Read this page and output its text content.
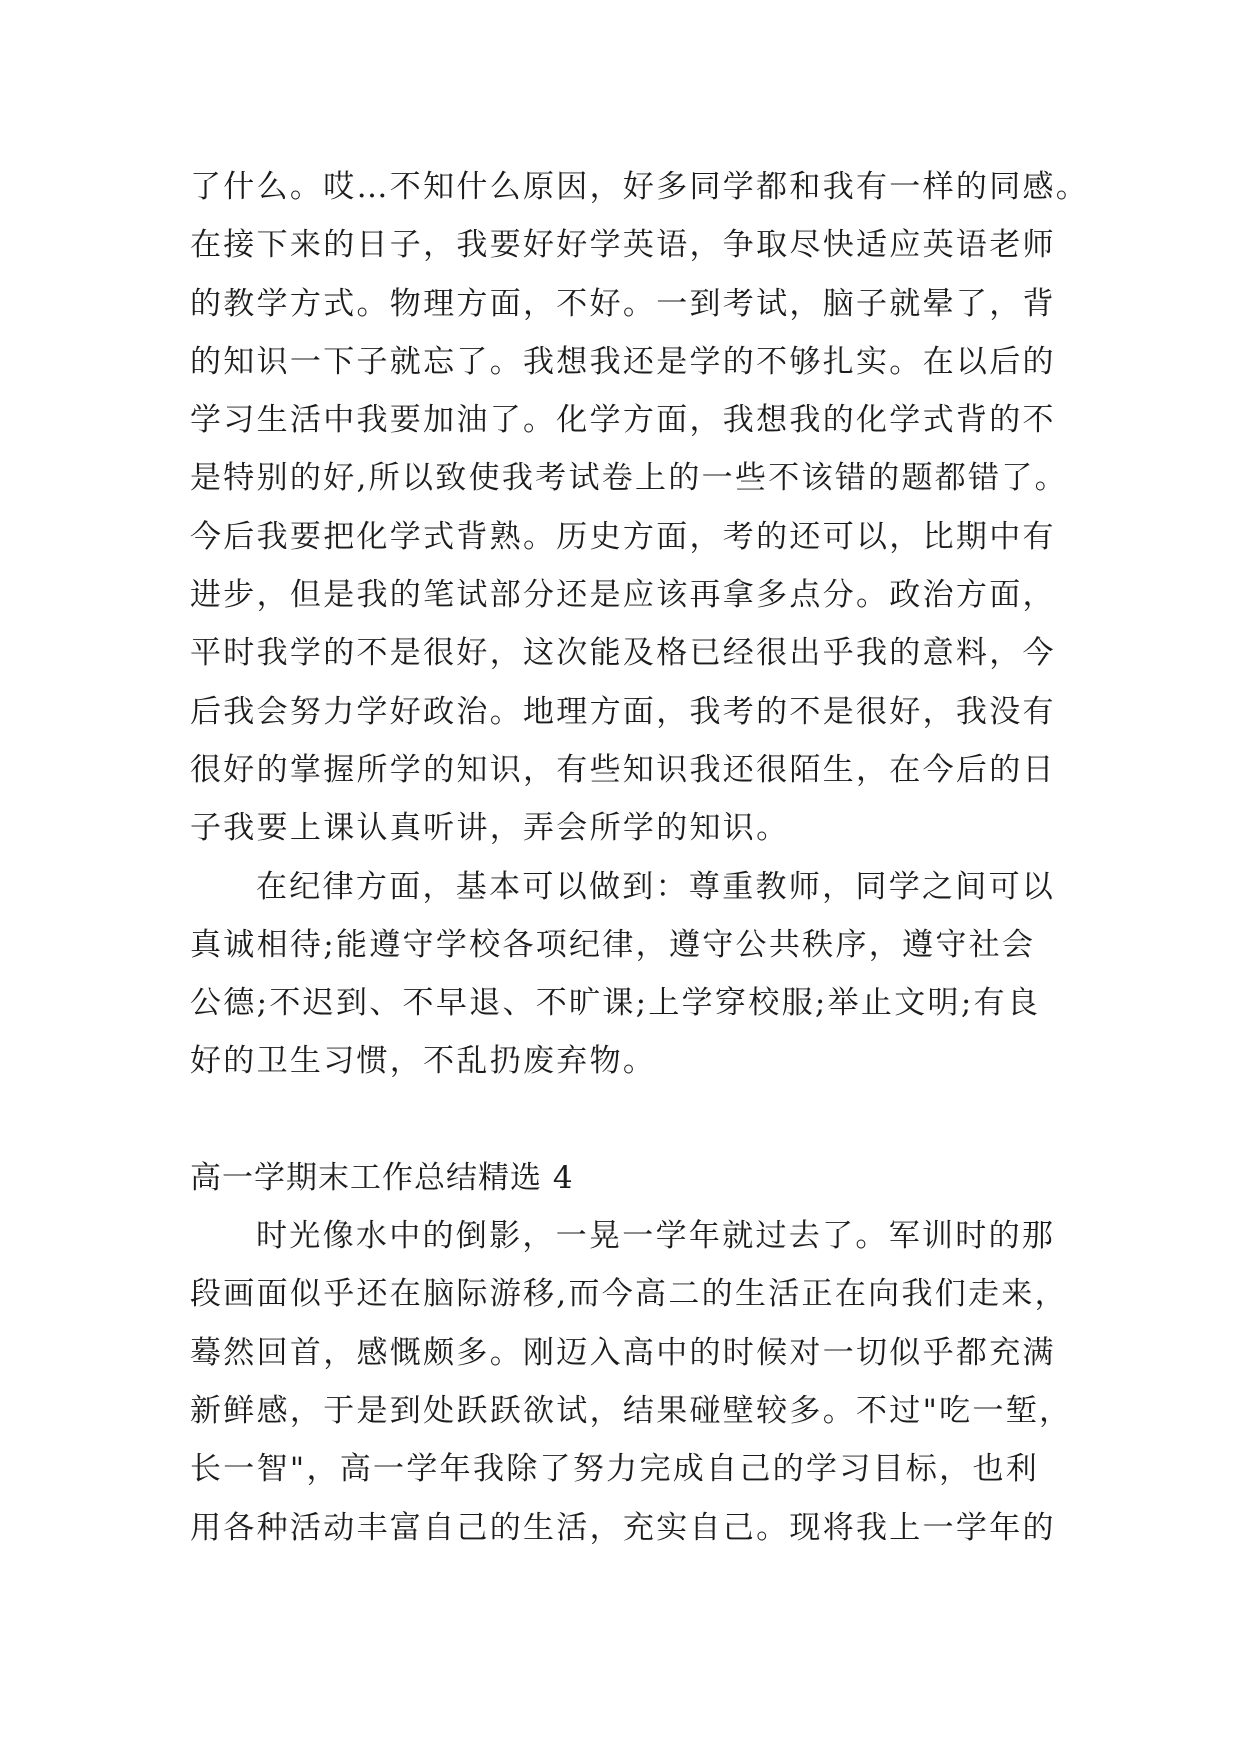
了什么。哎…不知什么原因，好多同学都和我有一样的同感。
在接下来的日子，我要好好学英语，争取尽快适应英语老师
的教学方式。物理方面，不好。一到考试，脑子就晕了，背
的知识一下子就忘了。我想我还是学的不够扎实。在以后的
学习生活中我要加油了。化学方面，我想我的化学式背的不
是特别的好,所以致使我考试卷上的一些不该错的题都错了。
今后我要把化学式背熟。历史方面，考的还可以，比期中有
进步，但是我的笔试部分还是应该再拿多点分。政治方面，
平时我学的不是很好，这次能及格已经很出乎我的意料，今
后我会努力学好政治。地理方面，我考的不是很好，我没有
很好的掌握所学的知识，有些知识我还很陌生，在今后的日
子我要上课认真听讲，弄会所学的知识。
在纪律方面，基本可以做到：尊重教师，同学之间可以
真诚相待;能遵守学校各项纪律，遵守公共秩序，遵守社会
公德;不迟到、不早退、不旷课;上学穿校服;举止文明;有良
好的卫生习惯，不乱扔废弃物。
高一学期末工作总结精选 4
时光像水中的倒影，一晃一学年就过去了。军训时的那
段画面似乎还在脑际游移,而今高二的生活正在向我们走来，
蓦然回首，感慨颇多。刚迈入高中的时候对一切似乎都充满
新鲜感，于是到处跃跃欲试，结果碰壁较多。不过"吃一堑，
长一智"，高一学年我除了努力完成自己的学习目标，也利
用各种活动丰富自己的生活，充实自己。现将我上一学年的
